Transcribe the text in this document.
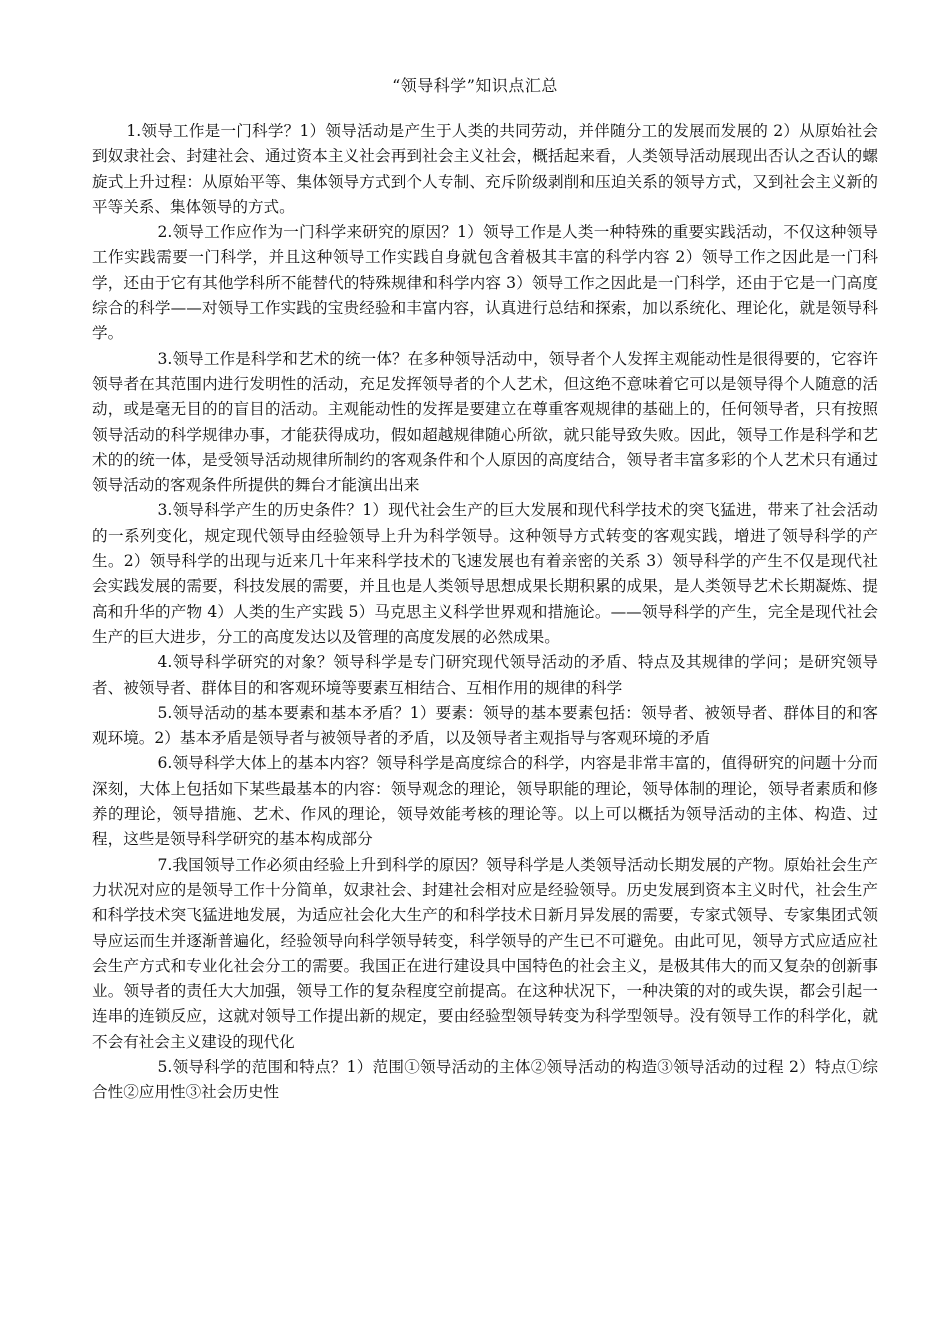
“领导科学”知识点汇总

1.领导工作是一门科学？1）领导活动是产生于人类的共同劳动，并伴随分工的发展而发展的 2）从原始社会到奴隶社会、封建社会、通过资本主义社会再到社会主义社会，概括起来看，人类领导活动展现出否认之否认的螺旋式上升过程：从原始平等、集体领导方式到个人专制、充斥阶级剥削和压迫关系的领导方式，又到社会主义新的平等关系、集体领导的方式。

2.领导工作应作为一门科学来研究的原因？1）领导工作是人类一种特殊的重要实践活动，不仅这种领导工作实践需要一门科学，并且这种领导工作实践自身就包含着极其丰富的科学内容 2）领导工作之因此是一门科学，还由于它有其他学科所不能替代的特殊规律和科学内容 3）领导工作之因此是一门科学，还由于它是一门高度综合的科学——对领导工作实践的宝贵经验和丰富内容，认真进行总结和探索，加以系统化、理论化，就是领导科学。

3.领导工作是科学和艺术的统一体？在多种领导活动中，领导者个人发挥主观能动性是很得要的，它容许领导者在其范围内进行发明性的活动，充足发挥领导者的个人艺术，但这绝不意味着它可以是领导得个人随意的活动，或是毫无目的的盲目的活动。主观能动性的发挥是要建立在尊重客观规律的基础上的，任何领导者，只有按照领导活动的科学规律办事，才能获得成功，假如超越规律随心所欲，就只能导致失败。因此，领导工作是科学和艺术的的统一体，是受领导活动规律所制约的客观条件和个人原因的高度结合，领导者丰富多彩的个人艺术只有通过领导活动的客观条件所提供的舞台才能演出出来

3.领导科学产生的历史条件？1）现代社会生产的巨大发展和现代科学技术的突飞猛进，带来了社会活动的一系列变化，规定现代领导由经验领导上升为科学领导。这种领导方式转变的客观实践，增进了领导科学的产生。2）领导科学的出现与近来几十年来科学技术的飞速发展也有着亲密的关系 3）领导科学的产生不仅是现代社会实践发展的需要，科技发展的需要，并且也是人类领导思想成果长期积累的成果，是人类领导艺术长期凝炼、提高和升华的产物 4）人类的生产实践 5）马克思主义科学世界观和措施论。——领导科学的产生，完全是现代社会生产的巨大进步，分工的高度发达以及管理的高度发展的必然成果。

4.领导科学研究的对象？领导科学是专门研究现代领导活动的矛盾、特点及其规律的学问；是研究领导者、被领导者、群体目的和客观环境等要素互相结合、互相作用的规律的科学

5.领导活动的基本要素和基本矛盾？1）要素：领导的基本要素包括：领导者、被领导者、群体目的和客观环境。2）基本矛盾是领导者与被领导者的矛盾，以及领导者主观指导与客观环境的矛盾

6.领导科学大体上的基本内容？领导科学是高度综合的科学，内容是非常丰富的，值得研究的问题十分而深刻，大体上包括如下某些最基本的内容：领导观念的理论，领导职能的理论，领导体制的理论，领导者素质和修养的理论，领导措施、艺术、作风的理论，领导效能考核的理论等。以上可以概括为领导活动的主体、构造、过程，这些是领导科学研究的基本构成部分

7.我国领导工作必须由经验上升到科学的原因？领导科学是人类领导活动长期发展的产物。原始社会生产力状况对应的是领导工作十分简单，奴隶社会、封建社会相对应是经验领导。历史发展到资本主义时代，社会生产和科学技术突飞猛进地发展，为适应社会化大生产的和科学技术日新月异发展的需要，专家式领导、专家集团式领导应运而生并逐渐普遍化，经验领导向科学领导转变，科学领导的产生已不可避免。由此可见，领导方式应适应社会生产方式和专业化社会分工的需要。我国正在进行建设具中国特色的社会主义，是极其伟大的而又复杂的创新事业。领导者的责任大大加强，领导工作的复杂程度空前提高。在这种状况下，一种决策的对的或失误，都会引起一连串的连锁反应，这就对领导工作提出新的规定，要由经验型领导转变为科学型领导。没有领导工作的科学化，就不会有社会主义建设的现代化

5.领导科学的范围和特点？1）范围①领导活动的主体②领导活动的构造③领导活动的过程 2）特点①综合性②应用性③社会历史性
